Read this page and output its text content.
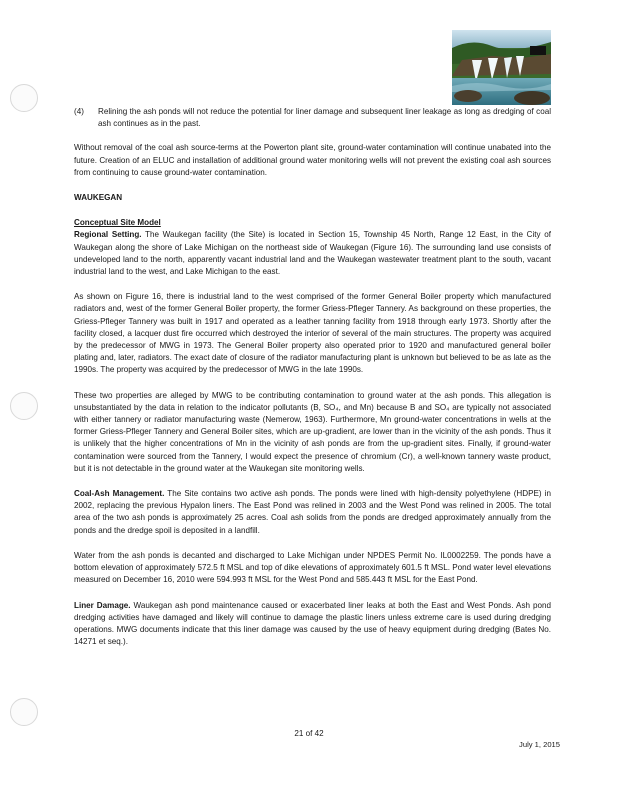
(4)	Relining the ash ponds will not reduce the potential for liner damage and subsequent liner leakage as long as dredging of coal ash continues as in the past.

Without removal of the coal ash source-terms at the Powerton plant site, ground-water contamination will continue unabated into the future. Creation of an ELUC and installation of additional ground water monitoring wells will not prevent the existing coal ash sources from continuing to cause ground-water contamination.

WAUKEGAN
Conceptual Site Model

Regional Setting. The Waukegan facility (the Site) is located in Section 15, Township 45 North, Range 12 East, in the City of Waukegan along the shore of Lake Michigan on the northeast side of Waukegan (Figure 16). The surrounding land use consists of undeveloped land to the north, apparently vacant industrial land and the Waukegan wastewater treatment plant to the south, vacant industrial land to the west, and Lake Michigan to the east.

As shown on Figure 16, there is industrial land to the west comprised of the former General Boiler property which manufactured radiators and, west of the former General Boiler property, the former Griess-Pfleger Tannery. As background on these properties, the Griess-Pfleger Tannery was built in 1917 and operated as a leather tanning facility from 1918 through early 1973. Shortly after the facility closed, a lacquer dust fire occurred which destroyed the interior of several of the main structures. The property was acquired by the predecessor of MWG in 1973. The General Boiler property also operated prior to 1920 and manufactured general boiler plating and, later, radiators. The exact date of closure of the radiator manufacturing plant is unknown but believed to be as late as the 1990s. The property was acquired by the predecessor of MWG in the late 1990s.

These two properties are alleged by MWG to be contributing contamination to ground water at the ash ponds. This allegation is unsubstantiated by the data in relation to the indicator pollutants (B, SO₄, and Mn) because B and SO₄ are typically not associated with either tannery or radiator manufacturing waste (Nemerow, 1963). Furthermore, Mn ground-water concentrations in wells at the former Griess-Pfleger Tannery and General Boiler sites, which are up-gradient, are lower than in the vicinity of the ash ponds. Thus it is unlikely that the higher concentrations of Mn in the vicinity of ash ponds are from the up-gradient sites. Finally, if ground-water contamination were sourced from the Tannery, I would expect the presence of chromium (Cr), a well-known tannery waste product, but it is not detectable in the ground water at the Waukegan site monitoring wells.

Coal-Ash Management. The Site contains two active ash ponds. The ponds were lined with high-density polyethylene (HDPE) in 2002, replacing the previous Hypalon liners. The East Pond was relined in 2003 and the West Pond was relined in 2005. The total area of the two ash ponds is approximately 25 acres. Coal ash solids from the ponds are dredged approximately annually from the ponds and the dredge spoil is deposited in a landfill.

Water from the ash ponds is decanted and discharged to Lake Michigan under NPDES Permit No. IL0002259. The ponds have a bottom elevation of approximately 572.5 ft MSL and top of dike elevations of approximately 601.5 ft MSL. Pond water level elevations measured on December 16, 2010 were 594.993 ft MSL for the West Pond and 585.443 ft MSL for the East Pond.

Liner Damage. Waukegan ash pond maintenance caused or exacerbated liner leaks at both the East and West Ponds. Ash pond dredging activities have damaged and likely will continue to damage the plastic liners unless extreme care is used during dredging operations. MWG documents indicate that this liner damage was caused by the use of heavy equipment during dredging (Bates No. 14271 et seq.).

21 of 42
July 1, 2015
